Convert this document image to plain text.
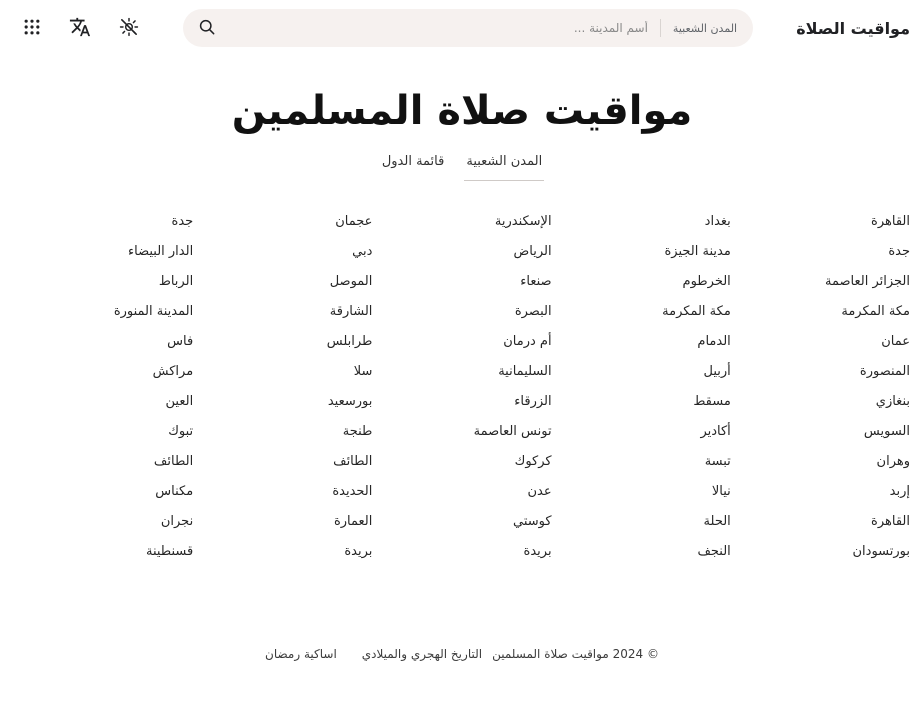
مواقيت الصلاة
المدن الشعبية
أسم المدينة ...
مواقيت صلاة المسلمين
المدن الشعبية
قائمة الدول
القاهرة
جدة
الجزائر العاصمة
مكة المكرمة
عمان
المنصورة
بنغازي
السويس
وهران
إربد
القاهرة
بورتسودان
بغداد
مدينة الجيزة
الخرطوم
مكة المكرمة
الدمام
أربيل
مسقط
أكادير
تبسة
نيالا
الحلة
النجف
الإسكندرية
الرياض
صنعاء
البصرة
أم درمان
السليمانية
الزرقاء
تونس العاصمة
كركوك
عدن
كوستي
بريدة
عجمان
دبي
الموصل
الشارقة
طرابلس
سلا
بورسعيد
طنجة
الطائف
الحديدة
العمارة
بريدة
جدة
الدار البيضاء
الرباط
المدينة المنورة
فاس
مراكش
العين
تبوك
الطائف
مكناس
نجران
قسنطينة
© 2024 مواقيت صلاة المسلمينالتاريخ الهجري والميلادياساكية رمضان
